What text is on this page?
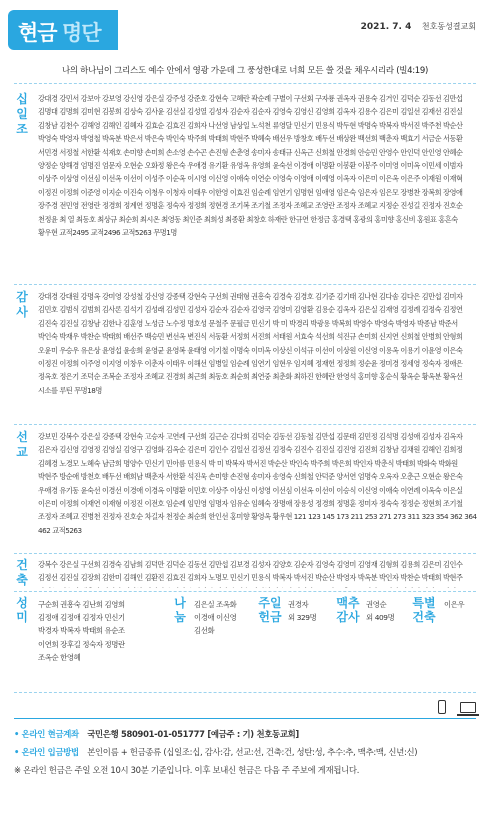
현금 명단	2021. 7. 4 천호동성결교회
나의 하나님이 그리스도 예수 안에서 영광 가운데 그 풍성한대로 너희 모든 쓸 것을 채우시리라 (빌4:19)
십일조
강대경 강민서 강보아 강보영 강신영 강은실 강주성 강준호 강현숙 고혜란 곽순례 구별이 구선회 구자룡 권옥자 권용숙 김거인 김덕순 김동선 김만섭 김명대 김명희 김미현 김봉희 김상숙 김사윤 김선실 김성열 김성자 김순자 김순자 김영숙 김영신 김영희 김옥자 김용수 김은미 김일선 김재선 김진실 김창남 김천수 김해영 김해인 김혜자 김효순 김효진 김희자 나선영 남상일 노석천 류영달 민신기 민용식 박두현 박명숙 박복자 박서진 박주천 박순산 박영숙 박영자 박영철 박옥분 박은서 박은숙 박인숙 박주희 박태희 박현주 박혜숙 배선우 방창호 배두선 배상완 백선희 백춘자 백효기 서금순 서동환 서민경 서정철 서한환 석재호 손미향 손미희 손소영 손수곤 손진형 손춘영 송미자 송태규 신옥근 신희철 안경희 안승민 안영수 안인덕 안인영 안혜순 양정순 양해경 엄명진 엄문자 오현순 오화정 왕은숙 우애경 유기환 유영옥 유영희 윤숙선 이경애 이명환 이봉환 이봉주 이미영 이미옥 이민세 이범자 이상주 이상영 이선심 이선옥 이선이 이성주 이순옥 이시영 이신영 이애숙 이연순 이영숙 이영애 이예영 이옥자 이은미 이은옥 이은주 이재원 이재혁 이정진 이정희 이준영 이지순 이진숙 이청우 이청자 이태우 이한영 이효진 임순례 임연기 임명현 임애영 임은숙 임은자 임은모 장병찬 장복희 장영애 장주경 전민영 전영란 정경희 정계연 정명훈 정숙자 정정희 정현경 조기복 조기철 조정자 조혜교 조영란 조정자 조혜교 지정순 진성길 진정자 진호순 천정윤 최 열 최동호 최상규 최순희 최시온 최영동 최인준 최희성 최종환 최창호 하재란 한규연 한정금 홍경택 홍광의 홍미향 홍신비 홍원표 홍흔숙 황우현 교적2495 교적2496 교적5263 무명1명
감사
강대경 강대원 강명옥 강미영 강성철 강신영 강종택 강현숙 구선희 권태형 권흥숙 김경숙 김경호 김기준 김기태 김나현 김다솜 김다은 김만섭 김미자 김민호 김범식 김범희 김사론 김석기 김성래 김성민 김성자 김순자 김순자 김영국 김영미 김영환 김용순 김옥자 김은실 김재영 김정례 김정숙 김정연 김진숙 김진실 김창남 김한나 김훈영 노성금 노수정 명호성 문철주 문필금 민신기 박 미 박경리 박광용 박복희 박영수 박영숙 박영자 박종남 박준서 박인숙 박재우 박찬순 박태희 배선주 백승민 변선옥 변진식 서동환 서정희 서진희 서태원 서효숙 석선희 석진규 손미희 신지연 신희철 안병희 안형희 오윤미 우승우 유은상 윤영섭 윤송희 윤영균 윤영복 윤태영 이기철 이명숙 이미옥 이상신 이석규 이선이 이상원 이신영 이용옥 이용기 이윤영 이은숙 이정진 이정희 이주영 이지영 이창우 이춘자 이태우 이해선 임병일 임순례 임연기 임현우 임지혜 정재헌 정정희 정순윤 정미경 정세영 정숙자 정애은 정옥호 정은기 조덕순 조복순 조정자 조혜교 진경희 최근희 최동호 최순희 최연중 최춘화 최하진 한혜란 한영석 홍미향 홍순식 황옥순 황옥분 황옥선 시소를 루틴 무명18명
선교
강보민 강복수 강은실 강종택 강현숙 고승자 고연례 구선희 김근순 김다희 김덕순 김동선 김동철 김만섭 김문태 김민정 김석명 김성애 김성자 김옥자 김은자 김신영 김영정 김영실 김영구 김영화 김옥순 김은미 김인수 김일선 김정선 김정숙 김진수 김진실 김진영 김진희 김창남 김채원 김해인 김희정 김혜경 노경모 노혜숙 남금희 명양수 민신기 민아름 민용식 박 미 박복자 박서진 박순산 박인숙 박주희 박은희 박인자 박춘식 박태희 박화숙 박화원 박현주 방순애 방천호 배두선 배희남 백춘자 서한환 석진욱 손미향 손진형 송미자 송영숙 신희철 안덕준 양서연 엄명숙 오옥자 오춘근 오현순 왕은숙 우애경 유기동 윤숙선 이경선 이경애 이경옥 이명환 이민호 이상주 이상신 이성영 이선심 이선옥 이선이 이승식 이신영 이애숙 이연례 이옥숙 이은실 이은미 이정희 이재연 이재형 이정진 이전호 임순례 임민영 임명자 임유순 임혜숙 장명애 장용성 정경희 정명훈 정미자 정숙숙 정정순 정현희 조기철 조정자 조혜교 진병천 진정자 진호순 차길자 천정순 최순희 한인선 홍미향 황영옥 황우현 121 123 145 173 211 253 271 273 311 323 354 362 364 462 교적5263
건축
강복수 강은실 구선희 김경숙 김남희 김덕만 김덕순 김동선 김만섭 김보경 김성자 김양호 김순자 김영숙 김영미 김영재 김형희 김용희 김은미 김인수 김정선 김진실 김장희 김한미 김해인 김환진 김효진 김희자 노명모 민신기 민용식 박복자 박서진 박순산 박영자 박옥분 박인자 박찬순 박태희 박현주
성미
구순희 권흥숙 김난희 김영희
김정애 김정애 김정자 민신기
박경자 박복자 박태희 유순조
이연희 장후길 정숙자 정명란
조옥순 한영혜
나눔
김은실 조옥화
이경애 이신영
김선화
주일헌금
권경자
외 329명
맥추감사
권영순
외 409명
특별건축
이은우
• 온라인 현금계좌 국민은행 580901-01-051777 [예금주 : 기) 천호동교회]
• 온라인 입금방법 본인이름 + 헌금종류 (십일조:십, 감사:감, 선교:선, 건축:건, 성탄:성, 추수:추, 맥추:맥, 신년:신)
※ 온라인 헌금은 주일 오전 10시 30분 기준입니다. 이후 보내신 헌금은 다음 주 주보에 게재됩니다.
